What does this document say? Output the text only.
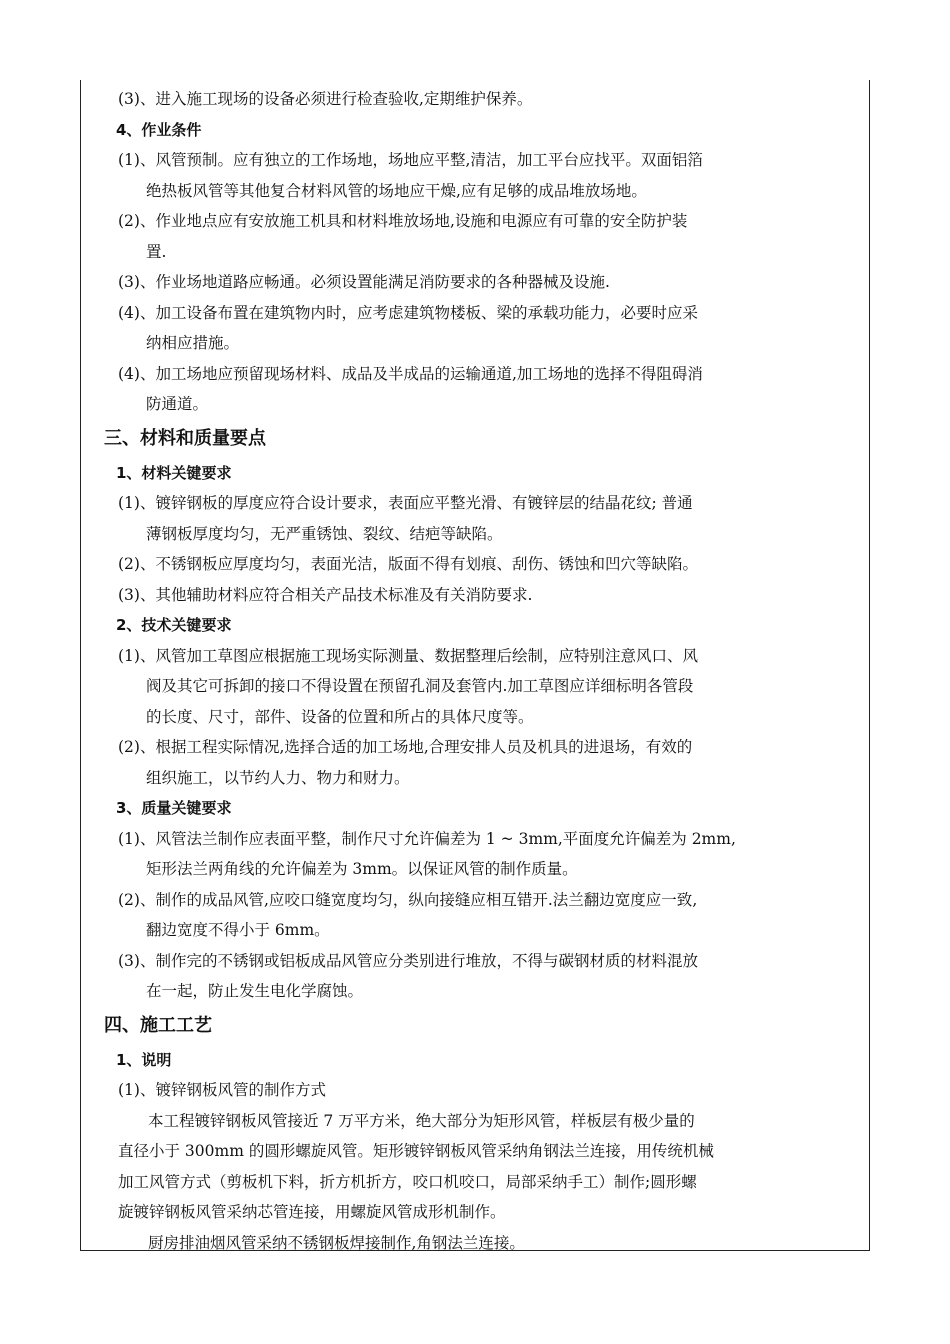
(3)、进入施工现场的设备必须进行检查验收,定期维护保养。
4、作业条件
(1)、风管预制。应有独立的工作场地，场地应平整,清洁，加工平台应找平。双面铝箔
绝热板风管等其他复合材料风管的场地应干燥,应有足够的成品堆放场地。
(2)、作业地点应有安放施工机具和材料堆放场地,设施和电源应有可靠的安全防护装
置.
(3)、作业场地道路应畅通。必须设置能满足消防要求的各种器械及设施.
(4)、加工设备布置在建筑物内时，应考虑建筑物楼板、梁的承载功能力，必要时应采
纳相应措施。
(4)、加工场地应预留现场材料、成品及半成品的运输通道,加工场地的选择不得阻碍消
防通道。
三、材料和质量要点
1、材料关键要求
(1)、镀锌钢板的厚度应符合设计要求，表面应平整光滑、有镀锌层的结晶花纹; 普通
薄钢板厚度均匀，无严重锈蚀、裂纹、结疤等缺陷。
(2)、不锈钢板应厚度均匀，表面光洁，版面不得有划痕、刮伤、锈蚀和凹穴等缺陷。
(3)、其他辅助材料应符合相关产品技术标准及有关消防要求.
2、技术关键要求
(1)、风管加工草图应根据施工现场实际测量、数据整理后绘制，应特别注意风口、风
阀及其它可拆卸的接口不得设置在预留孔洞及套管内.加工草图应详细标明各管段
的长度、尺寸，部件、设备的位置和所占的具体尺度等。
(2)、根据工程实际情况,选择合适的加工场地,合理安排人员及机具的进退场，有效的
组织施工，以节约人力、物力和财力。
3、质量关键要求
(1)、风管法兰制作应表面平整，制作尺寸允许偏差为 1 ~ 3mm,平面度允许偏差为 2mm,
矩形法兰两角线的允许偏差为 3mm。以保证风管的制作质量。
(2)、制作的成品风管,应咬口缝宽度均匀，纵向接缝应相互错开.法兰翻边宽度应一致,
翻边宽度不得小于 6mm。
(3)、制作完的不锈钢或铝板成品风管应分类别进行堆放，不得与碳钢材质的材料混放
在一起，防止发生电化学腐蚀。
四、施工工艺
1、说明
(1)、镀锌钢板风管的制作方式
本工程镀锌钢板风管接近 7 万平方米，绝大部分为矩形风管，样板层有极少量的
直径小于 300mm 的圆形螺旋风管。矩形镀锌钢板风管采纳角钢法兰连接，用传统机械
加工风管方式（剪板机下料，折方机折方，咬口机咬口，局部采纳手工）制作;圆形螺
旋镀锌钢板风管采纳芯管连接，用螺旋风管成形机制作。
厨房排油烟风管采纳不锈钢板焊接制作,角钢法兰连接。
